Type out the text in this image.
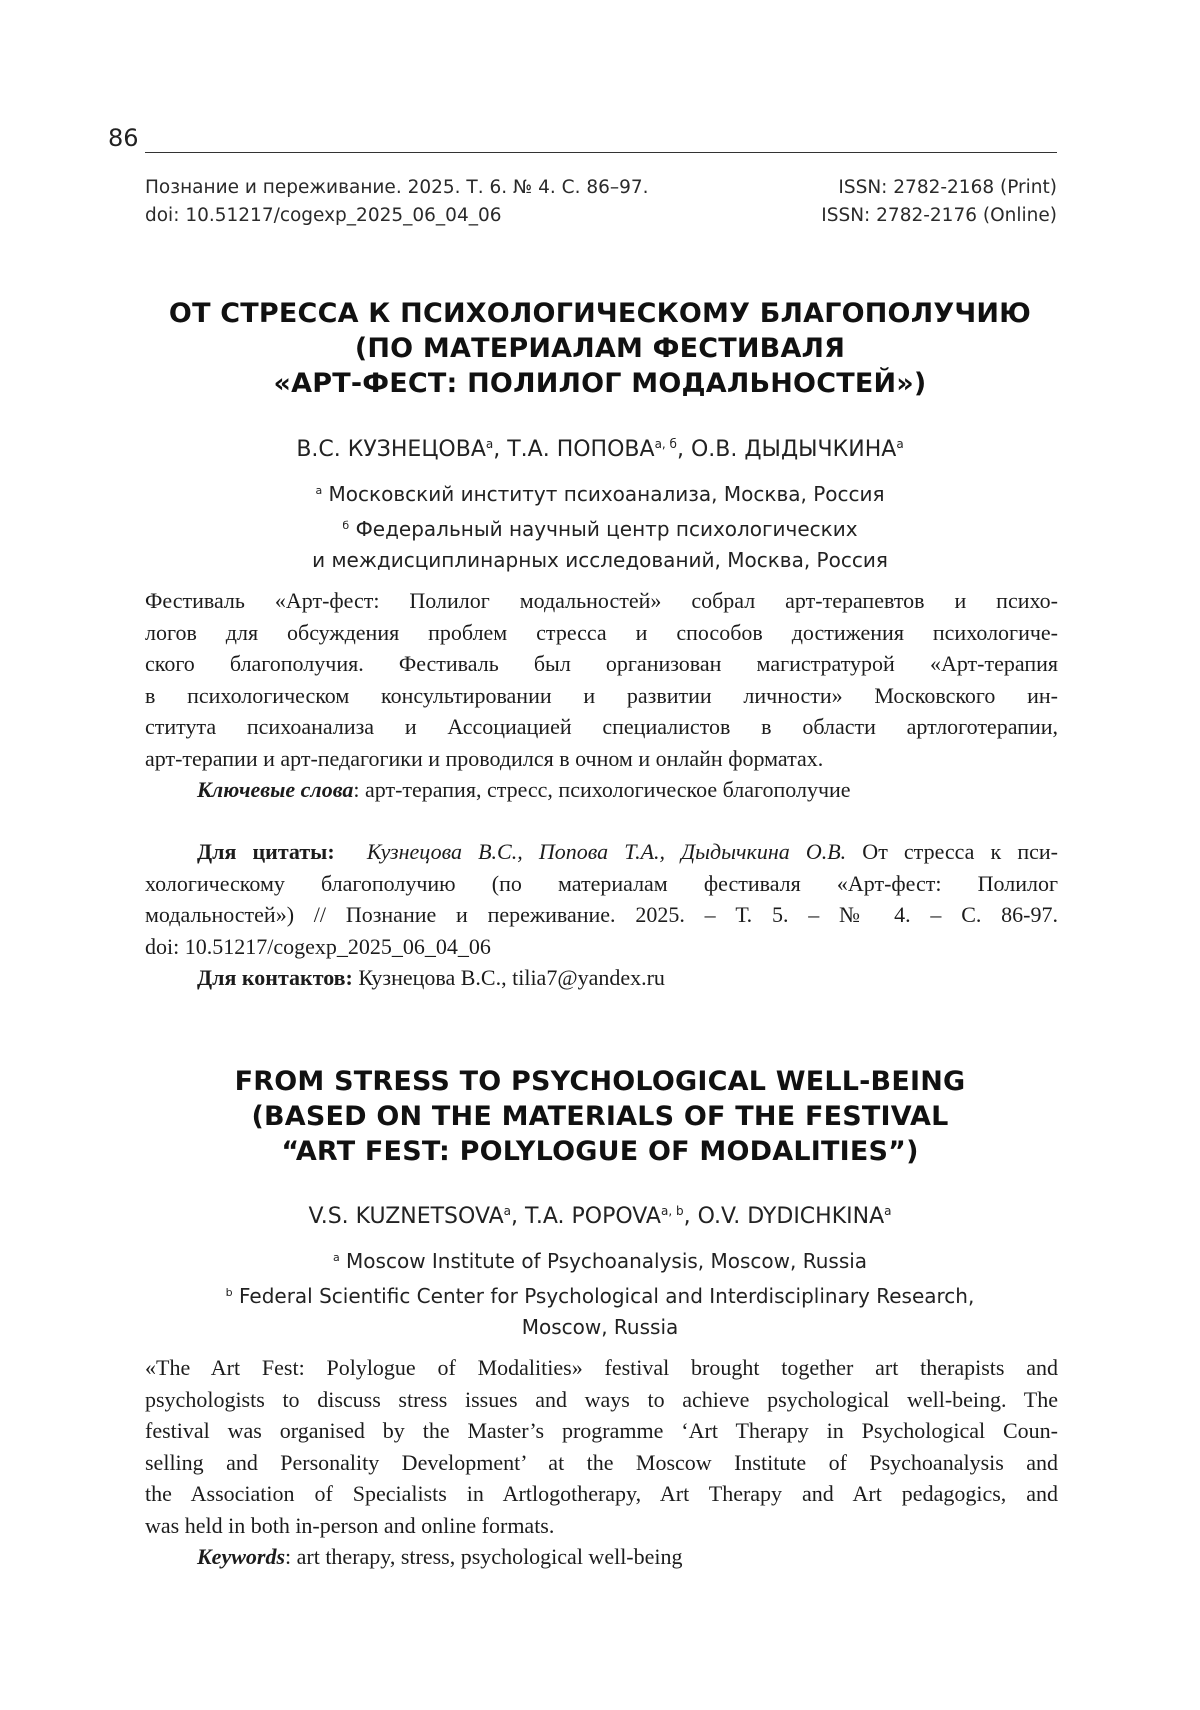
86
Познание и переживание. 2025. Т. 6. № 4. С. 86–97.
doi: 10.51217/cogexp_2025_06_04_06
ISSN: 2782-2168 (Print)
ISSN: 2782-2176 (Online)
ОТ СТРЕССА К ПСИХОЛОГИЧЕСКОМУ БЛАГОПОЛУЧИЮ
(ПО МАТЕРИАЛАМ ФЕСТИВАЛЯ
«АРТ-ФЕСТ: ПОЛИЛОГ МОДАЛЬНОСТЕЙ»)
В.С. $КУЗНЕЦОВА^а$, Т.А. $ПОПОВА^{а, б}$, О.В. $ДЫДЫЧКИНА^а$
$^а$ Московский институт психоанализа, Москва, Россия
$^б$ Федеральный научный центр психологических
и междисциплинарных исследований, Москва, Россия
Фестиваль «Арт-фест: Полилог модальностей» собрал арт-терапевтов и психо-
логов для обсуждения проблем стресса и способов достижения психологиче-
ского благополучия. Фестиваль был организован магистратурой «Арт-терапия
в психологическом консультировании и развитии личности» Московского ин-
ститута психоанализа и Ассоциацией специалистов в области артлоготерапии,
арт-терапии и арт-педагогики и проводился в очном и онлайн форматах.
Ключевые слова: арт-терапия, стресс, психологическое благополучие
Для цитаты: Кузнецова В.С., Попова Т.А., Дыдычкина О.В. От стресса к пси-
хологическому благополучию (по материалам фестиваля «Арт-фест: Полилог
модальностей») // Познание и переживание. 2025. – Т. 5. – № 4. – С. 86-97.
doi: 10.51217/cogexp_2025_06_04_06
Для контактов: Кузнецова В.С., tilia7@yandex.ru
FROM STRESS TO PSYCHOLOGICAL WELL-BEING
(BASED ON THE MATERIALS OF THE FESTIVAL
“ART FEST: POLYLOGUE OF MODALITIES”)
V.S. KUZNETSOVA$^a$, T.A. POPOVA$^{a, b}$, O.V. DYDICHKINA$^a$
$^a$ Moscow Institute of Psychoanalysis, Moscow, Russia
$^b$ Federal Scientific Center for Psychological and Interdisciplinary Research,
Moscow, Russia
«The Art Fest: Polylogue of Modalities» festival brought together art therapists and
psychologists to discuss stress issues and ways to achieve psychological well-being. The
festival was organised by the Master’s programme ‘Art Therapy in Psychological Coun-
selling and Personality Development’ at the Moscow Institute of Psychoanalysis and
the Association of Specialists in Artlogotherapy, Art Therapy and Art pedagogics, and
was held in both in-person and online formats.
Keywords: art therapy, stress, psychological well-being
